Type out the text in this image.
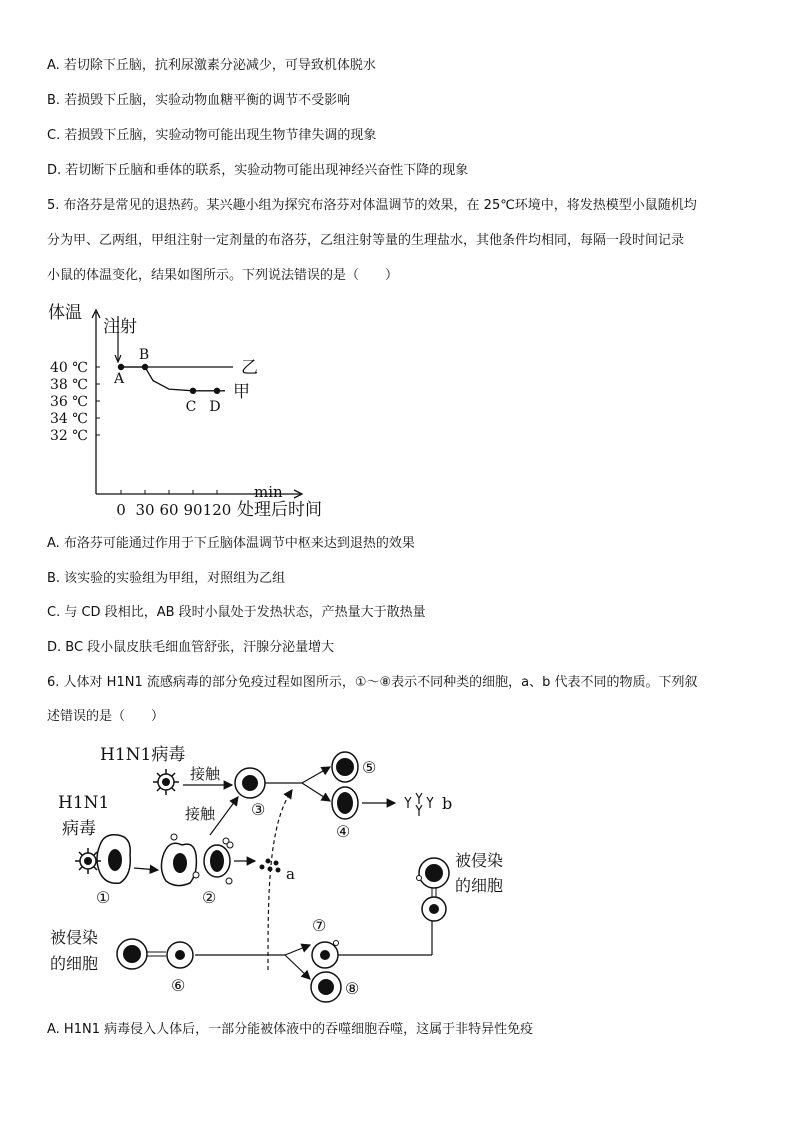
A. 若切除下丘脑，抗利尿激素分泌减少，可导致机体脱水
B. 若损毁下丘脑，实验动物血糖平衡的调节不受影响
C. 若损毁下丘脑，实验动物可能出现生物节律失调的现象
D. 若切断下丘脑和垂体的联系，实验动物可能出现神经兴奋性下降的现象
5. 布洛芬是常见的退热药。某兴趣小组为探究布洛芬对体温调节的效果，在 25℃环境中，将发热模型小鼠随机均
分为甲、乙两组，甲组注射一定剂量的布洛芬，乙组注射等量的生理盐水，其他条件均相同，每隔一段时间记录
小鼠的体温变化，结果如图所示。下列说法错误的是（　　）
体温
min
处理后时间
40 ℃
38 ℃
36 ℃
34 ℃
32 ℃
0 30 60 90 120
乙
甲
A
B
C D
注射
A. 布洛芬可能通过作用于下丘脑体温调节中枢来达到退热的效果
B. 该实验的实验组为甲组，对照组为乙组
C. 与 CD 段相比，AB 段时小鼠处于发热状态，产热量大于散热量
D. BC 段小鼠皮肤毛细血管舒张，汗腺分泌量增大
6. 人体对 H1N1 流感病毒的部分免疫过程如图所示，①～⑧表示不同种类的细胞，a、b 代表不同的物质。下列叙
述错误的是（　　）
H1N1病毒
接触
③
接触
⑤
④
b
H1N1
病毒
①	②
a
被侵染
的细胞
⑥
⑦
⑧
被侵染
的细胞
A. H1N1 病毒侵入人体后，一部分能被体液中的吞噬细胞吞噬，这属于非特异性免疫
